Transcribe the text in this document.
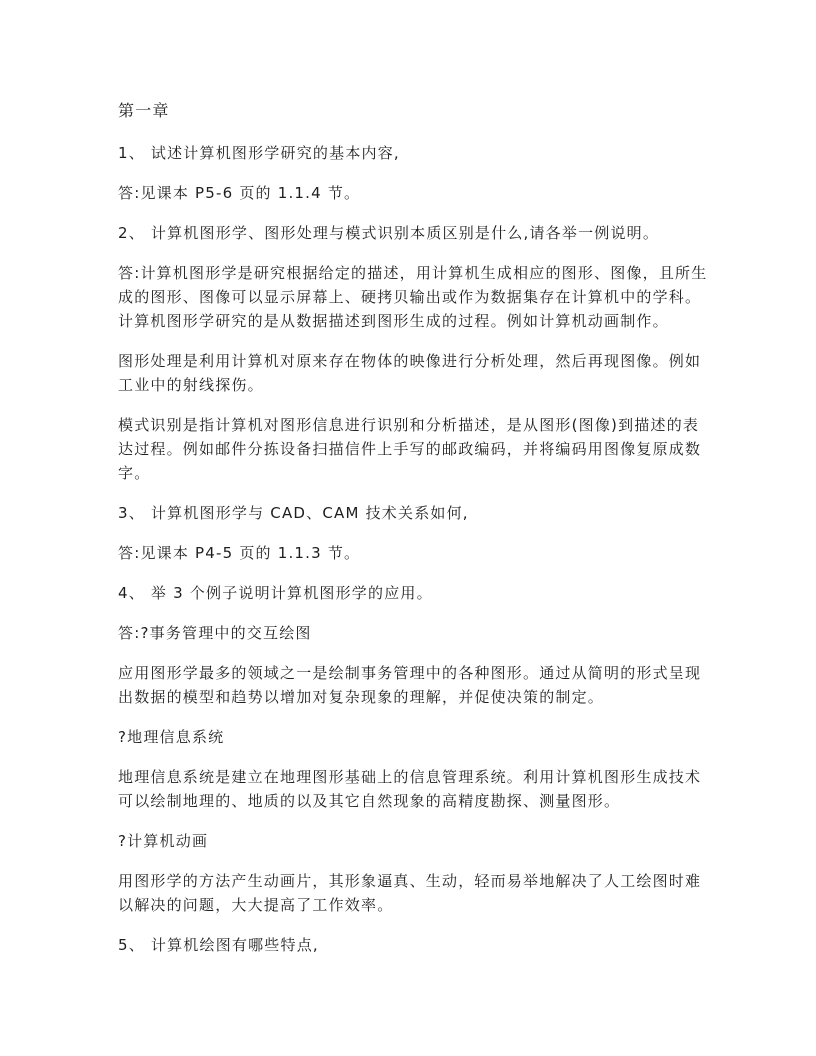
第一章
1、 试述计算机图形学研究的基本内容,
答:见课本 P5-6 页的 1.1.4 节。
2、 计算机图形学、图形处理与模式识别本质区别是什么,请各举一例说明。
答:计算机图形学是研究根据给定的描述，用计算机生成相应的图形、图像，且所生
成的图形、图像可以显示屏幕上、硬拷贝输出或作为数据集存在计算机中的学科。
计算机图形学研究的是从数据描述到图形生成的过程。例如计算机动画制作。
图形处理是利用计算机对原来存在物体的映像进行分析处理，然后再现图像。例如
工业中的射线探伤。
模式识别是指计算机对图形信息进行识别和分析描述，是从图形(图像)到描述的表
达过程。例如邮件分拣设备扫描信件上手写的邮政编码，并将编码用图像复原成数
字。
3、 计算机图形学与 CAD、CAM 技术关系如何,
答:见课本 P4-5 页的 1.1.3 节。
4、 举 3 个例子说明计算机图形学的应用。
答:?事务管理中的交互绘图
应用图形学最多的领域之一是绘制事务管理中的各种图形。通过从简明的形式呈现
出数据的模型和趋势以增加对复杂现象的理解，并促使决策的制定。
?地理信息系统
地理信息系统是建立在地理图形基础上的信息管理系统。利用计算机图形生成技术
可以绘制地理的、地质的以及其它自然现象的高精度勘探、测量图形。
?计算机动画
用图形学的方法产生动画片，其形象逼真、生动，轻而易举地解决了人工绘图时难
以解决的问题，大大提高了工作效率。
5、 计算机绘图有哪些特点,
